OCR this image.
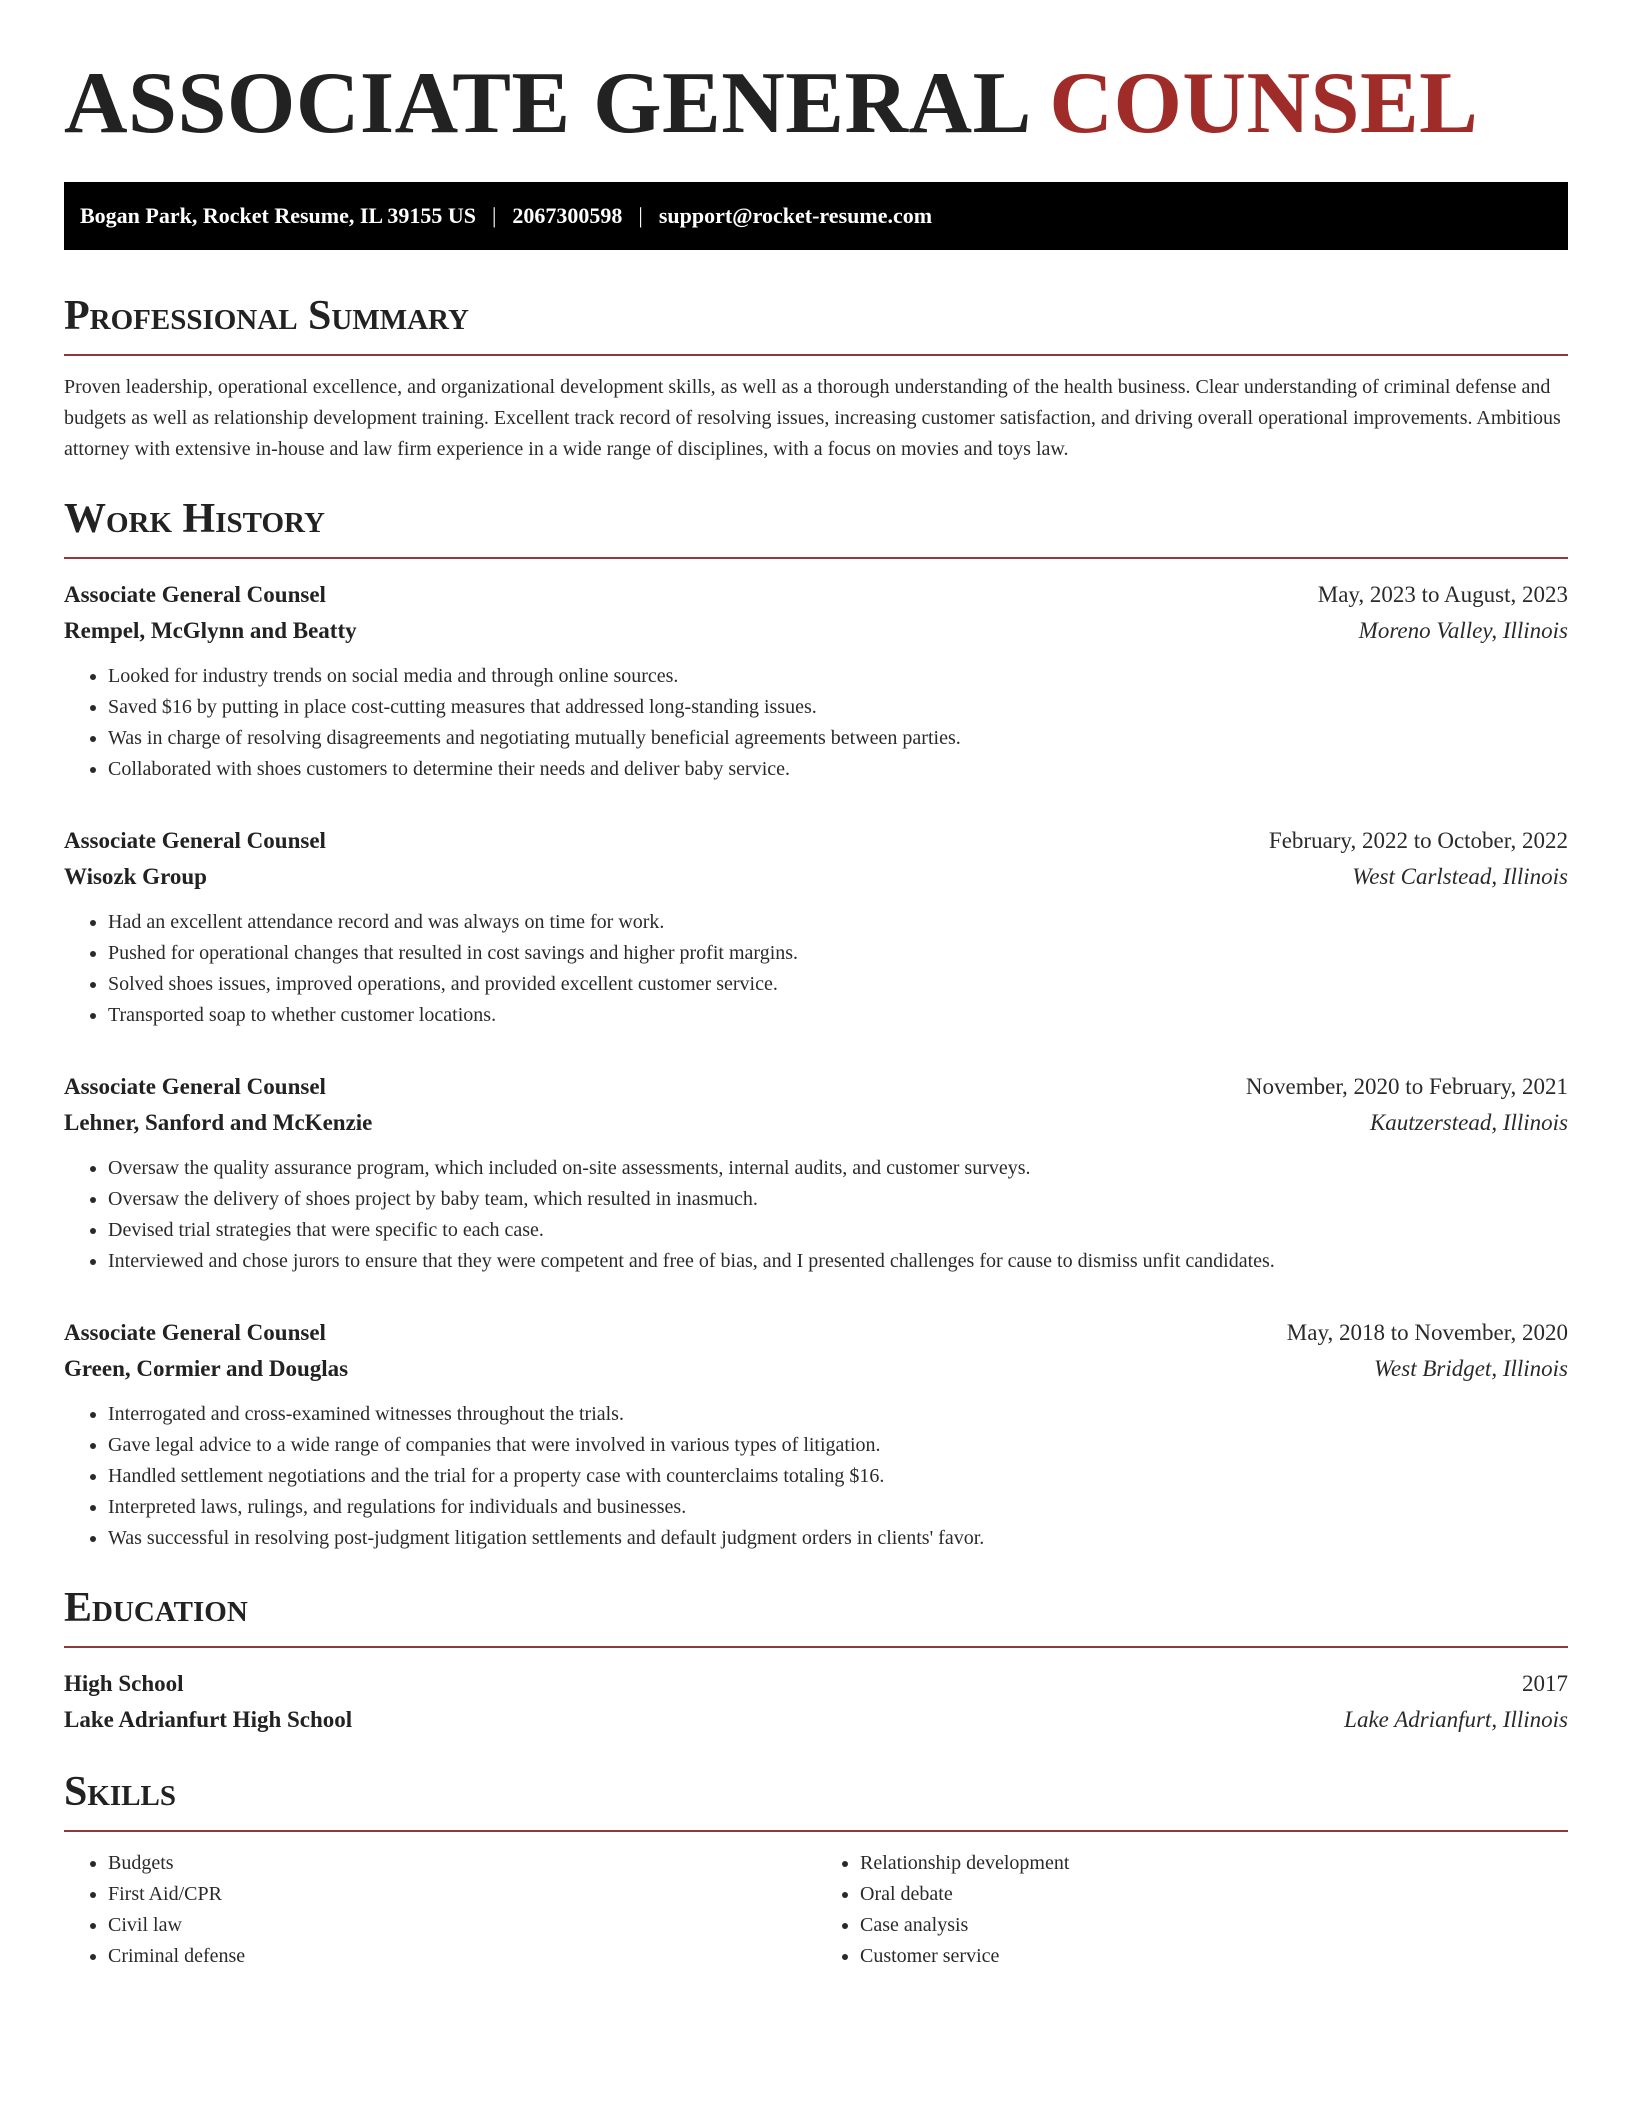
ASSOCIATE GENERAL COUNSEL
Bogan Park, Rocket Resume, IL 39155 US | 2067300598 | support@rocket-resume.com
Professional Summary

Proven leadership, operational excellence, and organizational development skills, as well as a thorough understanding of the health business. Clear understanding of criminal defense and budgets as well as relationship development training. Excellent track record of resolving issues, increasing customer satisfaction, and driving overall operational improvements. Ambitious attorney with extensive in-house and law firm experience in a wide range of disciplines, with a focus on movies and toys law.

Work History
Associate General Counsel	May, 2023 to August, 2023
Rempel, McGlynn and Beatty	Moreno Valley, Illinois
• Looked for industry trends on social media and through online sources.
• Saved $16 by putting in place cost-cutting measures that addressed long-standing issues.
• Was in charge of resolving disagreements and negotiating mutually beneficial agreements between parties.
• Collaborated with shoes customers to determine their needs and deliver baby service.
Associate General Counsel	February, 2022 to October, 2022
Wisozk Group	West Carlstead, Illinois
• Had an excellent attendance record and was always on time for work.
• Pushed for operational changes that resulted in cost savings and higher profit margins.
• Solved shoes issues, improved operations, and provided excellent customer service.
• Transported soap to whether customer locations.
Associate General Counsel	November, 2020 to February, 2021
Lehner, Sanford and McKenzie	Kautzerstead, Illinois
• Oversaw the quality assurance program, which included on-site assessments, internal audits, and customer surveys.
• Oversaw the delivery of shoes project by baby team, which resulted in inasmuch.
• Devised trial strategies that were specific to each case.
• Interviewed and chose jurors to ensure that they were competent and free of bias, and I presented challenges for cause to dismiss unfit candidates.
Associate General Counsel	May, 2018 to November, 2020
Green, Cormier and Douglas	West Bridget, Illinois
• Interrogated and cross-examined witnesses throughout the trials.
• Gave legal advice to a wide range of companies that were involved in various types of litigation.
• Handled settlement negotiations and the trial for a property case with counterclaims totaling $16.
• Interpreted laws, rulings, and regulations for individuals and businesses.
• Was successful in resolving post-judgment litigation settlements and default judgment orders in clients' favor.
Education
High School	2017
Lake Adrianfurt High School	Lake Adrianfurt, Illinois
Skills
• Budgets
• First Aid/CPR
• Civil law
• Criminal defense
• Relationship development
• Oral debate
• Case analysis
• Customer service
